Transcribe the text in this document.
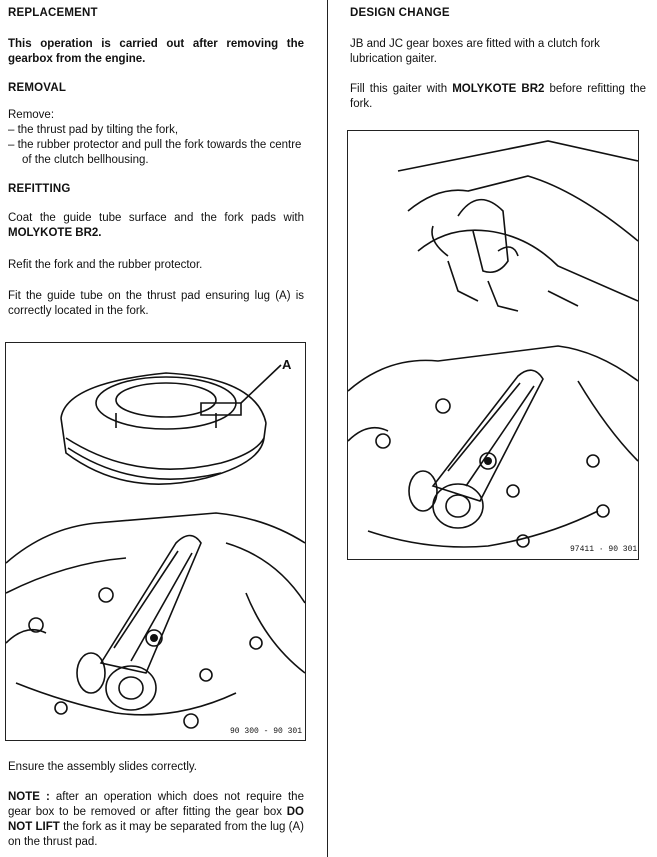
REPLACEMENT

This operation is carried out after removing the gearbox from the engine.

REMOVAL

Remove:

– the thrust pad by tilting the fork,
– the rubber protector and pull the fork towards the centre of the clutch bellhousing.
REFITTING

Coat the guide tube surface and the fork pads with MOLYKOTE BR2.

Refit the fork and the rubber protector.

Fit the guide tube on the thrust pad ensuring lug (A) is correctly located in the fork.

A
90 300 - 90 301

Ensure the assembly slides correctly.

NOTE : after an operation which does not require the gear box to be removed or after fitting the gear box DO NOT LIFT the fork as it may be separated from the lug (A) on the thrust pad.

DESIGN CHANGE

JB and JC gear boxes are fitted with a clutch fork lubrication gaiter.

Fill this gaiter with MOLYKOTE BR2 before refitting the fork.

97411 · 90 301
